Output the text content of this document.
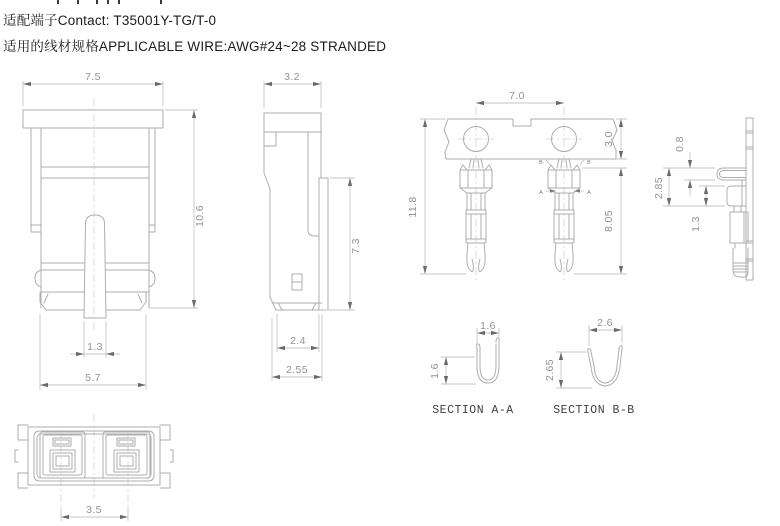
适配端子Contact: T35001Y-TG/T-0
适用的线材规格APPLICABLE WIRE:AWG#24~28 STRANDED
7.5
10.6
1.3
5.7
3.2
7.3
2.4
2.55
B	B
A	A
7.0
11.8
3.0
8.05
0.8
2.85
1.3
1.6
1.6
SECTION A-A
2.6
2.65
SECTION B-B
3.5
